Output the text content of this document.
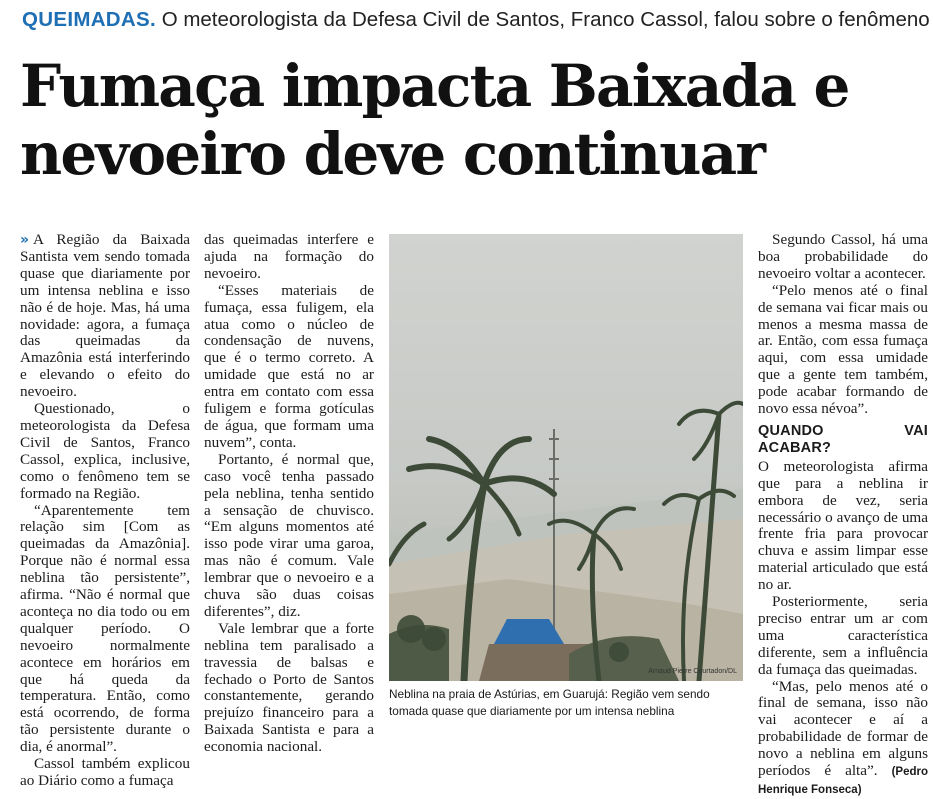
QUEIMADAS . O meteorologista da Defesa Civil de Santos, Franco Cassol, falou sobre o fenômeno
Fumaça impacta Baixada e
nevoeiro deve continuar

» A Região da Baixada Santista vem sendo tomada quase que diariamente por um intensa neblina e isso não é de hoje. Mas, há uma novidade: agora, a fumaça das queimadas da Amazônia está interferindo e elevando o efeito do nevoeiro.

Questionado, o meteorologista da Defesa Civil de Santos, Franco Cassol, explica, inclusive, como o fenômeno tem se formado na Região.

“Aparentemente tem relação sim [Com as queimadas da Amazônia]. Porque não é normal essa neblina tão persistente”, afirma. “Não é normal que aconteça no dia todo ou em qualquer período. O nevoeiro normalmente acontece em horários em que há queda da temperatura. Então, como está ocorrendo, de forma tão persistente durante o dia, é anormal”.

Cassol também explicou ao Diário como a fumaça

das queimadas interfere e ajuda na formação do nevoeiro.

“Esses materiais de fumaça, essa fuligem, ela atua como o núcleo de condensação de nuvens, que é o termo correto. A umidade que está no ar entra em contato com essa fuligem e forma gotículas de água, que formam uma nuvem”, conta.

Portanto, é normal que, caso você tenha passado pela neblina, tenha sentido a sensação de chuvisco. “Em alguns momentos até isso pode virar uma garoa, mas não é comum. Vale lembrar que o nevoeiro e a chuva são duas coisas diferentes”, diz.

Vale lembrar que a forte neblina tem paralisado a travessia de balsas e fechado o Porto de Santos constantemente, gerando prejuízo financeiro para a Baixada Santista e para a economia nacional.

Arnaud Pierre Courtadon/DL
Neblina na praia de Astúrias, em Guarujá: Região vem sendo tomada quase que diariamente por um intensa neblina

Segundo Cassol, há uma boa probabilidade do nevoeiro voltar a acontecer.

“Pelo menos até o final de semana vai ficar mais ou menos a mesma massa de ar. Então, com essa fumaça aqui, com essa umidade que a gente tem também, pode acabar formando de novo essa névoa”.

QUANDO VAI ACABAR?

O meteorologista afirma que para a neblina ir embora de vez, seria necessário o avanço de uma frente fria para provocar chuva e assim limpar esse material articulado que está no ar.

Posteriormente, seria preciso entrar um ar com uma característica diferente, sem a influência da fumaça das queimadas.

“Mas, pelo menos até o final de semana, isso não vai acontecer e aí a probabilidade de formar de novo a neblina em alguns períodos é alta”. (Pedro Henrique Fonseca)
